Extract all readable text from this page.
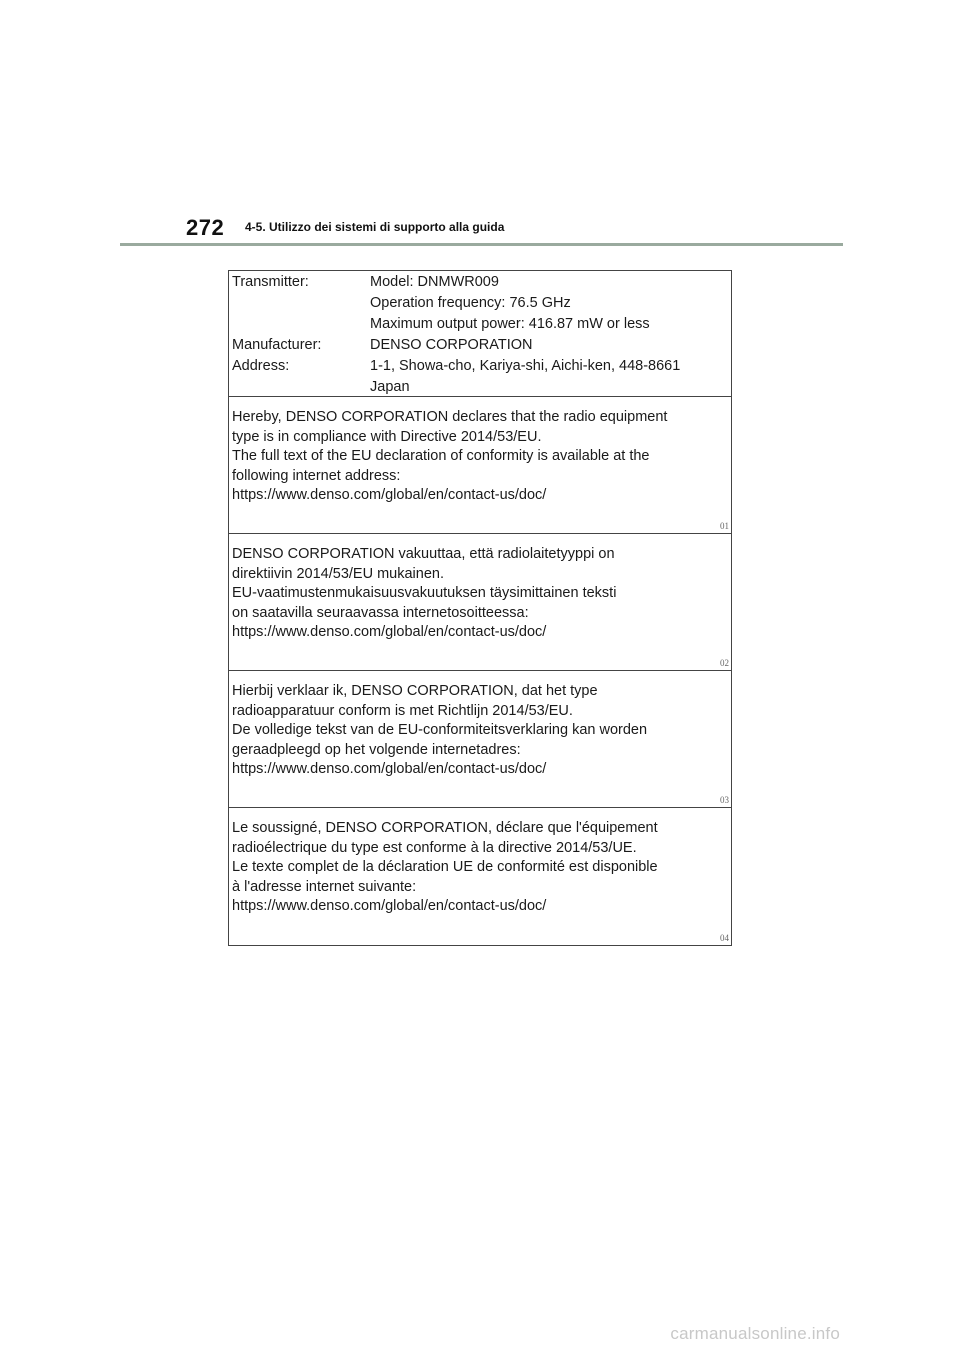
272 4-5. Utilizzo dei sistemi di supporto alla guida
Transmitter:	Model: DNMWR009
Operation frequency: 76.5 GHz
Maximum output power: 416.87 mW or less
Manufacturer:	DENSO CORPORATION
Address:	1-1, Showa-cho, Kariya-shi, Aichi-ken, 448-8661
Japan

Hereby, DENSO CORPORATION declares that the radio equipment

type is in compliance with Directive 2014/53/EU.

The full text of the EU declaration of conformity is available at the

following internet address:

https://www.denso.com/global/en/contact-us/doc/

01

DENSO CORPORATION vakuuttaa, että radiolaitetyyppi on

direktiivin 2014/53/EU mukainen.

EU-vaatimustenmukaisuusvakuutuksen täysimittainen teksti

on saatavilla seuraavassa internetosoitteessa:

https://www.denso.com/global/en/contact-us/doc/

02

Hierbij verklaar ik, DENSO CORPORATION, dat het type

radioapparatuur conform is met Richtlijn 2014/53/EU.

De volledige tekst van de EU-conformiteitsverklaring kan worden

geraadpleegd op het volgende internetadres:

https://www.denso.com/global/en/contact-us/doc/

03

Le soussigné, DENSO CORPORATION, déclare que l'équipement

radioélectrique du type est conforme à la directive 2014/53/UE.

Le texte complet de la déclaration UE de conformité est disponible

à l'adresse internet suivante:

https://www.denso.com/global/en/contact-us/doc/

04
carmanualsonline.info
